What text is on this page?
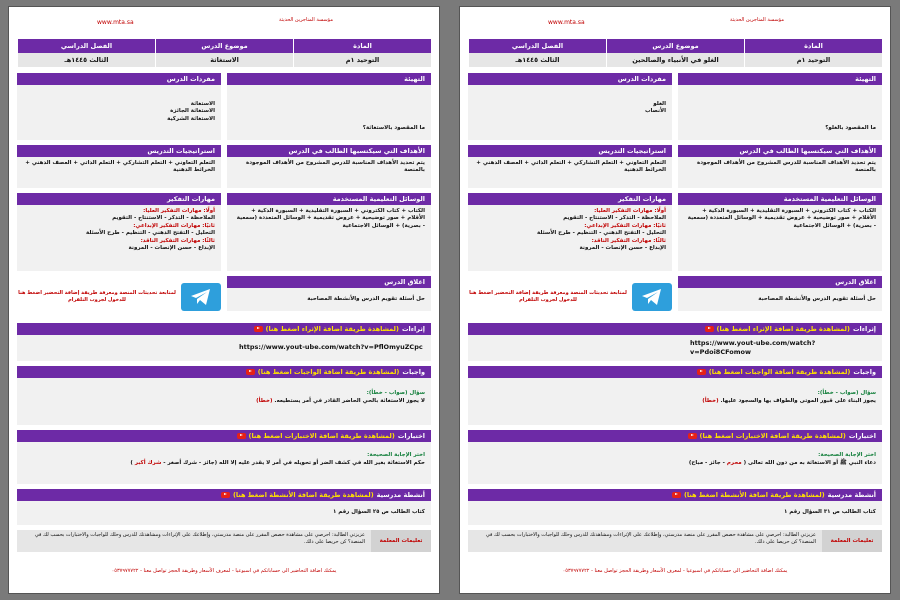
www.mta.sa	مؤسسة المتاجرين الحديثة
المادة
موضوع الدرس
الفصل الدراسي
التوحيد ١م
الاستغاثة
الثالث ١٤٤٥هـ
التهيئة
ما المقصود بالاستغاثة؟
مفردات الدرس
الاستغاثة
الاستغاثة الجائزة
الاستغاثة الشركية
الأهداف التي سيكتسبها الطالب في الدرس
يتم تحديد الأهداف المناسبة للدرس المشروح من الأهداف الموجودة بالمنصة
استراتيجيات التدريس
التعلم التعاوني + التعلم التشاركي + التعلم الذاتي + العصف الذهني + الخرائط الذهنية
الوسائل التعليمية المستخدمة
الكتاب + كتاب الكتروني + السبورة التقليدية + السبورة الذكية + الأقلام + صور توضيحية + عروض تقديمية + الوسائل المتعددة (سمعية - بصرية) + الوسائل الاجتماعية
مهارات التفكير
أولًا: مهارات التفكير العليا:
الملاحظة - التذكر - الاستنتاج - التقويم
ثانيًا: مهارات التفكير الإبداعي:
التحليل - التفتح الذهني - التنظيم - طرح الأسئلة
ثالثًا: مهارات التفكير الناقد:
الإبداع - حسن الإنصات - المرونة
اغلاق الدرس
حل أسئلة تقويم الدرس والأنشطة المصاحبة
لمتابعة تحديثات المنصة ومعرفة طريقة إضافة التحضير اضغط هنا للدخول لجروب التلقرام
إثراءات
(لمشاهدة طريقة اضافة الإثراء اضغط هنا)
https://www.yout-ube.com/watch?v=PflOmyuZCpc
واجبات
(لمشاهدة طريقة اضافة الواجبات اضغط هنا)
سؤال (صواب - خطأ):
لا يجوز الاستغاثة بالحي الحاضر القادر في أمر يستطيعه. (خطأ)
اختبارات
(لمشاهدة طريقة اضافة الاختبارات اضغط هنا)
اختر الإجابة الصحيحة:
حكم الاستغاثة بغير الله في كشف الضر أو تحويله في أمر لا يقدر عليه إلا الله (جائز - شرك أصغر - شرك أكبر )
أنشطة مدرسية
(لمشاهدة طريقة اضافة الأنشطة اضغط هنا)
كتاب الطالب ص ٢٥ السؤال رقم ١
تعليمات المعلمة
عزيزتي الطالبة: احرصي على مشاهدة حصص المقرر على منصة مدرستي، وإطلاعك على الإثراءات ومشاهدتك للدرس وحلك للواجبات والاختبارات بحسب لك في المنصة؟ كن حريصا على ذلك.
يمكنك اضافة التحاضير الى حساباتكم في اسبوعيا - لمعرف الأسعار وطريقة الحجز تواصل معنا - ٠٥٣٧٩٧٧٧٢٢
www.mta.sa	مؤسسة المتاجرين الحديثة
المادة
موضوع الدرس
الفصل الدراسي
التوحيد ١م
الغلو في الأنبياء والصالحين
الثالث ١٤٤٥هـ
التهيئة
ما المقصود بالغلو؟
مفردات الدرس
الغلو
الأنصاب
الأهداف التي سيكتسبها الطالب في الدرس
يتم تحديد الأهداف المناسبة للدرس المشروح من الأهداف الموجودة بالمنصة
استراتيجيات التدريس
التعلم التعاوني + التعلم التشاركي + التعلم الذاتي + العصف الذهني + الخرائط الذهنية
الوسائل التعليمية المستخدمة
الكتاب + كتاب الكتروني + السبورة التقليدية + السبورة الذكية + الأقلام + صور توضيحية + عروض تقديمية + الوسائل المتعددة (سمعية - بصرية) + الوسائل الاجتماعية
مهارات التفكير
أولًا: مهارات التفكير العليا:
الملاحظة - التذكر - الاستنتاج - التقويم
ثانيًا: مهارات التفكير الإبداعي:
التحليل - التفتح الذهني - التنظيم - طرح الأسئلة
ثالثًا: مهارات التفكير الناقد:
الإبداع - حسن الإنصات - المرونة
اغلاق الدرس
حل أسئلة تقويم الدرس والأنشطة المصاحبة
لمتابعة تحديثات المنصة ومعرفة طريقة إضافة التحضير اضغط هنا للدخول لجروب التلقرام
إثراءات
(لمشاهدة طريقة اضافة الإثراء اضغط هنا)
https://www.yout-ube.com/watch?v=Pdoi8CFomow
واجبات
(لمشاهدة طريقة اضافة الواجبات اضغط هنا)
سؤال (صواب - خطأ):
يجوز البناء على قبور الموتى والطواف بها والسجود عليها. (خطأ)
اختبارات
(لمشاهدة طريقة اضافة الاختبارات اضغط هنا)
اختر الإجابة الصحيحة:
دعاء النبي ﷺ أو الاستغاثة به من دون الله تعالى ( محرم - جائز - مباح)
أنشطة مدرسية
(لمشاهدة طريقة اضافة الأنشطة اضغط هنا)
كتاب الطالب ص ٣١ السؤال رقم ١
تعليمات المعلمة
عزيزتي الطالبة: احرصي على مشاهدة حصص المقرر على منصة مدرستي، وإطلاعك على الإثراءات ومشاهدتك للدرس وحلك للواجبات والاختبارات بحسب لك في المنصة؟ كن حريصا على ذلك.
يمكنك اضافة التحاضير الى حساباتكم في اسبوعيا - لمعرف الأسعار وطريقة الحجز تواصل معنا - ٠٥٣٧٩٧٧٧٢٢
